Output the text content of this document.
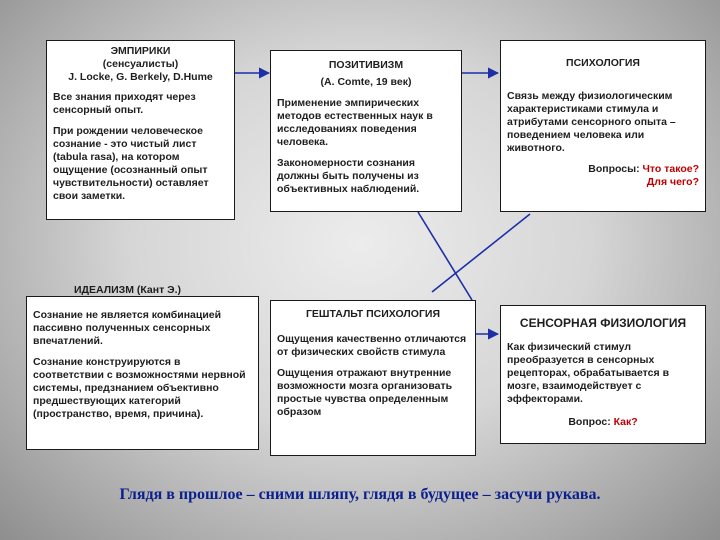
ЭМПИРИКИ
(сенсуалисты)
J. Locke, G. Berkely, D.Hume
Все знания приходят через сенсорный опыт.
При рождении человеческое сознание - это чистый лист (tabula rasa), на котором ощущение (осознанный опыт чувствительности) оставляет свои заметки.
ПОЗИТИВИЗМ
(A. Comte, 19 век)
Применение эмпирических методов естественных наук в исследованиях поведения человека.
Закономерности сознания должны быть получены из объективных наблюдений.
ПСИХОЛОГИЯ
Связь между физиологическим характеристиками стимула и атрибутами сенсорного опыта – поведением человека или животного.
Вопросы: Что такое?
Для чего?
Сознание не является комбинацией пассивно полученных сенсорных впечатлений.
Сознание конструируются в соответствии с возможностями нервной системы, предзнанием объективно предшествующих категорий (пространство, время, причина).
ИДЕАЛИЗМ (Кант Э.)
ГЕШТАЛЬТ ПСИХОЛОГИЯ
Ощущения качественно отличаются от физических свойств стимула
Ощущения отражают внутренние возможности мозга организовать простые чувства определенным образом
СЕНСОРНАЯ ФИЗИОЛОГИЯ
Как физический стимул преобразуется в сенсорных рецепторах, обрабатывается в мозге, взаимодействует с эффекторами.
Вопрос: Как?
Глядя в прошлое – сними шляпу, глядя в будущее – засучи рукава.
